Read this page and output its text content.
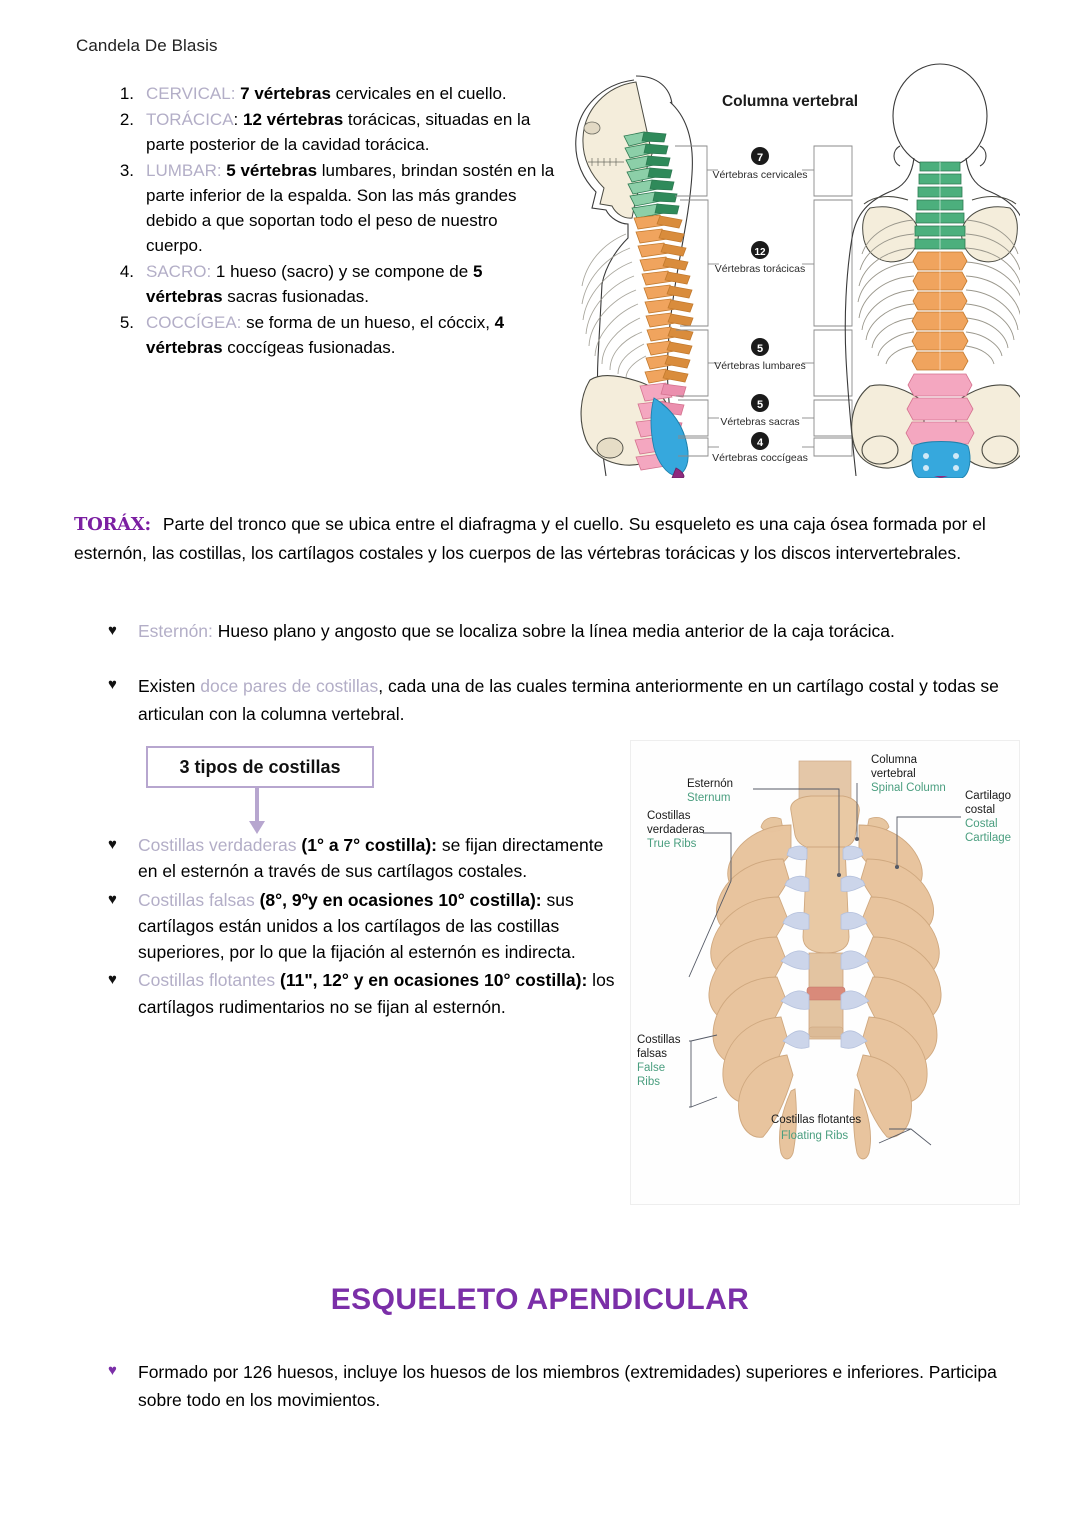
Candela De Blasis
1. CERVICAL: 7 vértebras cervicales en el cuello.
2. TORÁCICA: 12 vértebras torácicas, situadas en la parte posterior de la cavidad torácica.
3. LUMBAR: 5 vértebras lumbares, brindan sostén en la parte inferior de la espalda. Son las más grandes debido a que soportan todo el peso de nuestro cuerpo.
4. SACRO: 1 hueso (sacro) y se compone de 5 vértebras sacras fusionadas.
5. COCCÍGEA: se forma de un hueso, el cóccix, 4 vértebras coccígeas fusionadas.
Columna vertebral
7
Vértebras cervicales
12
Vértebras torácicas
5
Vértebras lumbares
5
Vértebras sacras
4
Vértebras coccígeas
TORÁX: Parte del tronco que se ubica entre el diafragma y el cuello. Su esqueleto es una caja ósea formada por el esternón, las costillas, los cartílagos costales y los cuerpos de las vértebras torácicas y los discos intervertebrales.
♥	Esternón: Hueso plano y angosto que se localiza sobre la línea media anterior de la caja torácica.
♥	Existen doce pares de costillas, cada una de las cuales termina anteriormente en un cartílago costal y todas se articulan con la columna vertebral.
3 tipos de costillas
♥	Costillas verdaderas (1° a 7° costilla): se fijan directamente en el esternón a través de sus cartílagos costales.
♥	Costillas falsas (8°, 9ºy en ocasiones 10° costilla): sus cartílagos están unidos a los cartílagos de las costillas superiores, por lo que la fijación al esternón es indirecta.
♥	Costillas flotantes (11", 12° y en ocasiones 10° costilla): los cartílagos rudimentarios no se fijan al esternón.
Esternón
Sternum
Columna
vertebral
Spinal Column
Cartilago
costal
Costal
Cartilage
Costillas
verdaderas
True Ribs
Costillas
falsas
False
Ribs
Costillas flotantes
Floating Ribs
ESQUELETO APENDICULAR
♥	Formado por 126 huesos, incluye los huesos de los miembros (extremidades) superiores e inferiores. Participa sobre todo en los movimientos.
